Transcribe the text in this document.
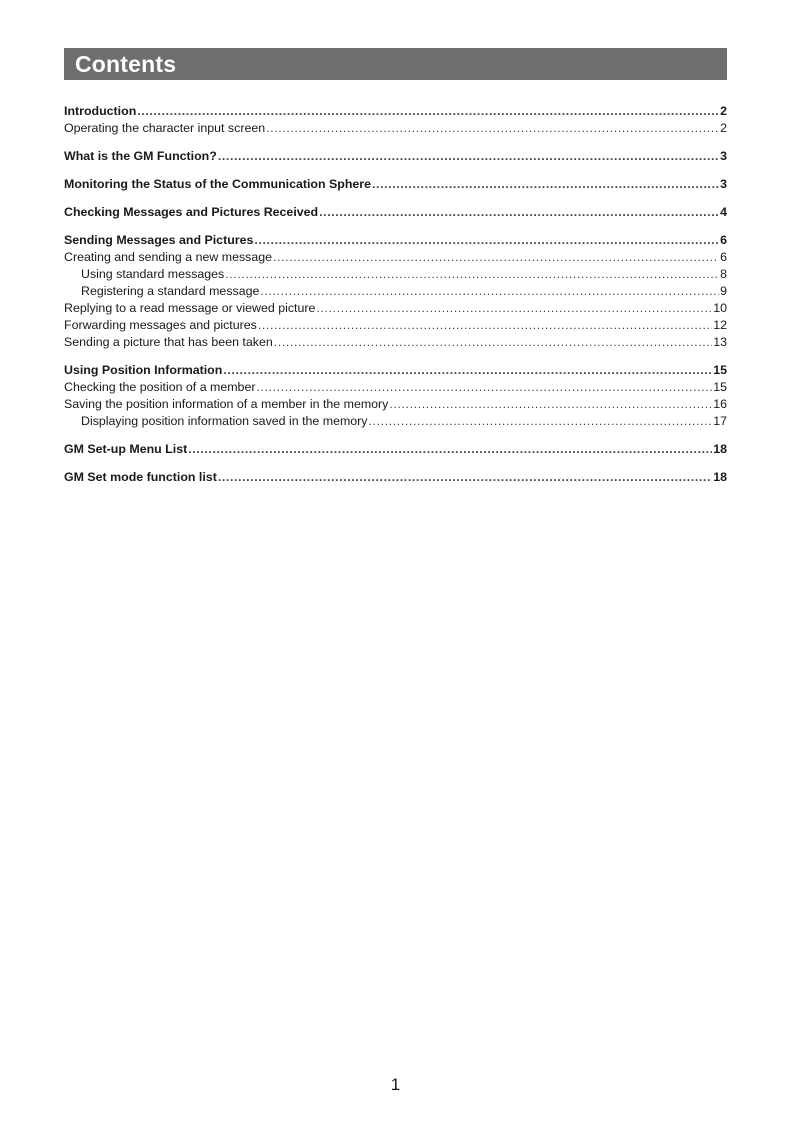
Contents
Introduction .....	2
Operating the character input screen .....	2
What is the GM Function? .....	3
Monitoring the Status of the Communication Sphere .....	3
Checking Messages and Pictures Received .....	4
Sending Messages and Pictures .....	6
Creating and sending a new message .....	6
Using standard messages .....	8
Registering a standard message .....	9
Replying to a read message or viewed picture .....	10
Forwarding messages and pictures .....	12
Sending a picture that has been taken .....	13
Using Position Information .....	15
Checking the position of a member .....	15
Saving the position information of a member in the memory .....	16
Displaying position information saved in the memory .....	17
GM Set-up Menu List .....	18
GM Set mode function list .....	18
1
